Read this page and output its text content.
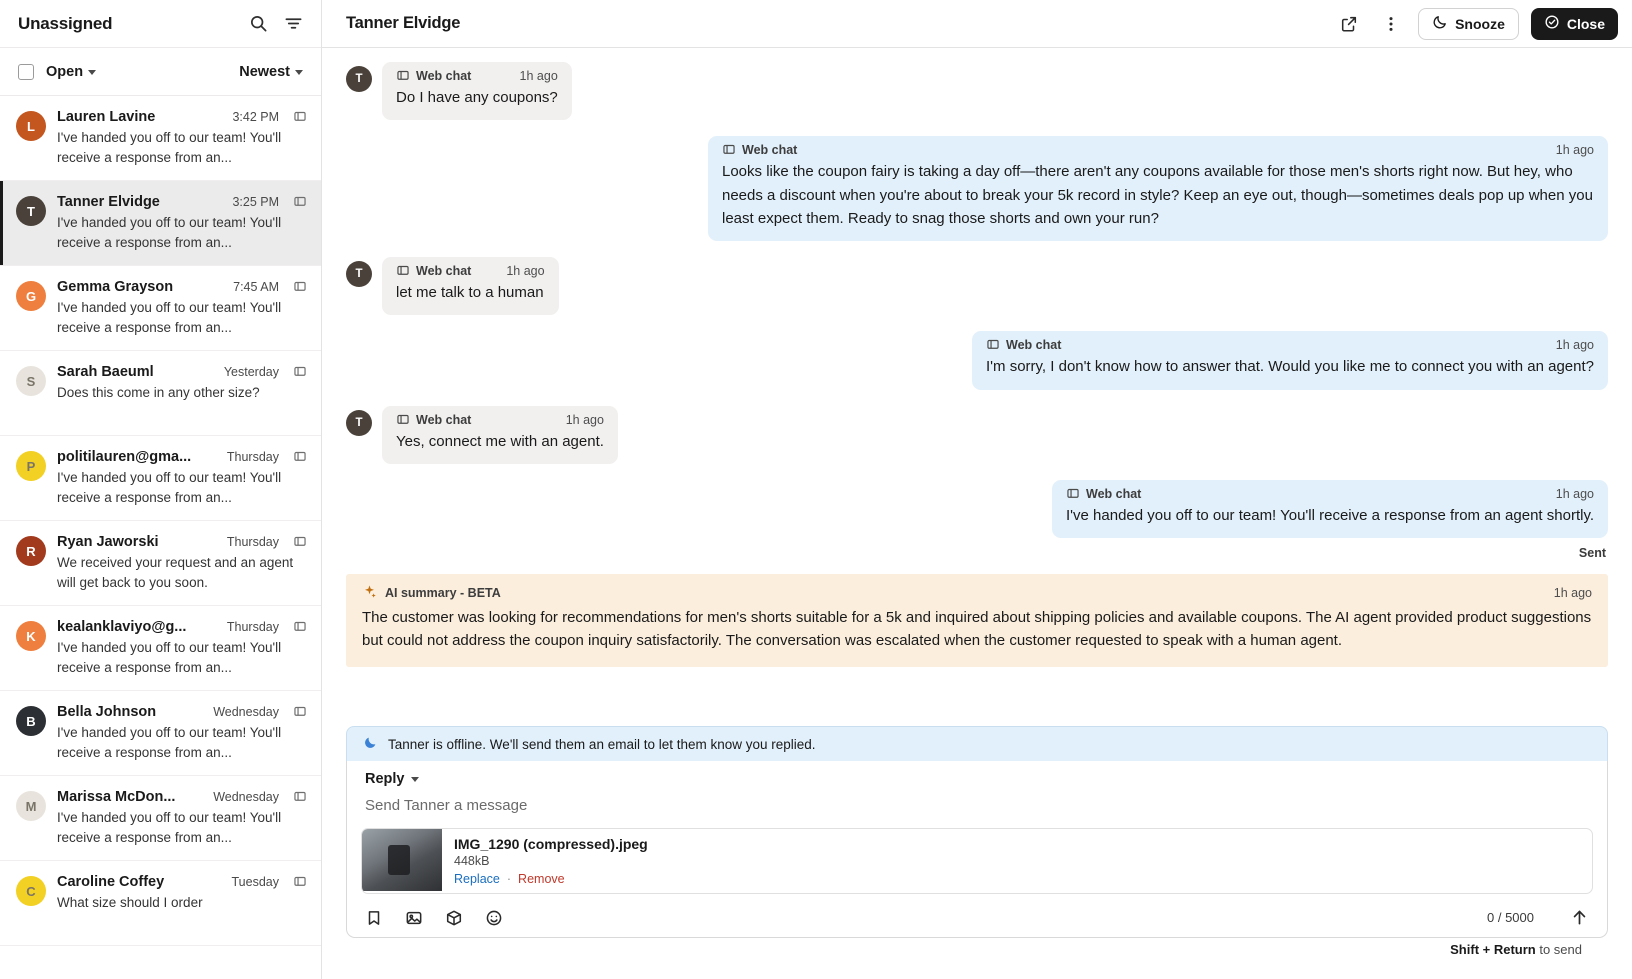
Unassigned
Open	Newest
L
Lauren Lavine	3:42 PM
I've handed you off to our team! You'll receive a response from an...
T
Tanner Elvidge	3:25 PM
I've handed you off to our team! You'll receive a response from an...
G
Gemma Grayson	7:45 AM
I've handed you off to our team! You'll receive a response from an...
S
Sarah Baeuml	Yesterday
Does this come in any other size?
P
politilauren@gma...	Thursday
I've handed you off to our team! You'll receive a response from an...
R
Ryan Jaworski	Thursday
We received your request and an agent will get back to you soon.
K
kealanklaviyo@g...	Thursday
I've handed you off to our team! You'll receive a response from an...
B
Bella Johnson	Wednesday
I've handed you off to our team! You'll receive a response from an...
M
Marissa McDon...	Wednesday
I've handed you off to our team! You'll receive a response from an...
C
Caroline Coffey	Tuesday
What size should I order
Tanner Elvidge	Snooze	Close
T	Web chat	1h ago
Do I have any coupons?
Web chat	1h ago
Looks like the coupon fairy is taking a day off—there aren't any coupons available for those men's shorts right now. But hey, who needs a discount when you're about to break your 5k record in style? Keep an eye out, though—sometimes deals pop up when you least expect them. Ready to snag those shorts and own your run?
T	Web chat	1h ago
let me talk to a human
Web chat	1h ago
I'm sorry, I don't know how to answer that. Would you like me to connect you with an agent?
T	Web chat	1h ago
Yes, connect me with an agent.
Web chat	1h ago
I've handed you off to our team! You'll receive a response from an agent shortly.
Sent
AI summary - BETA	1h ago
The customer was looking for recommendations for men's shorts suitable for a 5k and inquired about shipping policies and available coupons. The AI agent provided product suggestions but could not address the coupon inquiry satisfactorily. The conversation was escalated when the customer requested to speak with a human agent.
Tanner is offline. We'll send them an email to let them know you replied.
Reply
Send Tanner a message
IMG_1290 (compressed).jpeg
448kB
Replace · Remove
0 / 5000
Shift + Return to send
